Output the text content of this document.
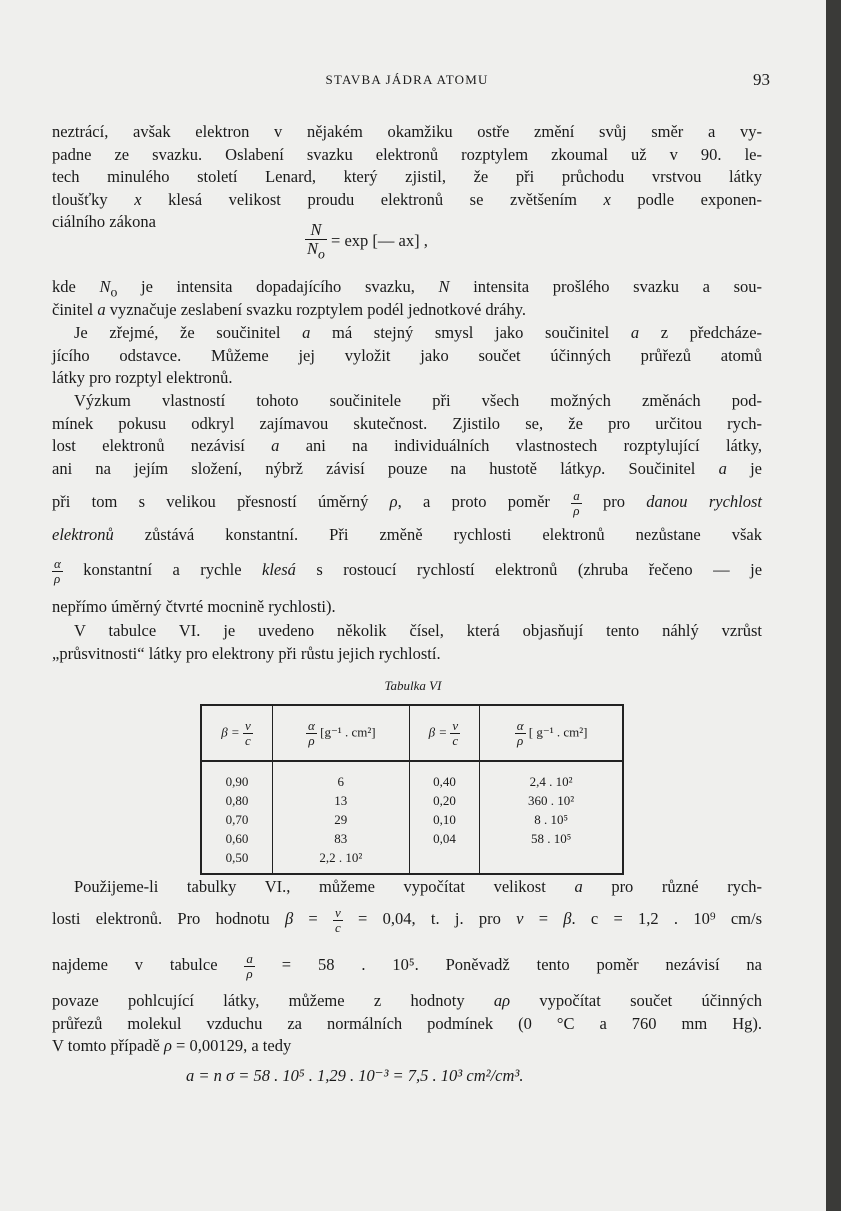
STAVBA JÁDRA ATOMU	93
neztrácí, avšak elektron v nějakém okamžiku ostře změní svůj směr a vy-
padne ze svazku. Oslabení svazku elektronů rozptylem zkoumal už v 90. le-
tech minulého století Lenard, který zjistil, že při průchodu vrstvou látky
tloušťky x klesá velikost proudu elektronů se zvětšením x podle exponen-
ciálního zákona	$\frac{N}{N_o} = \exp$ [— ax] ,
kde $N_o$ je intensita dopadajícího svazku, N intensita prošlého svazku a sou-
činitel a vyznačuje zeslabení svazku rozptylem podél jednotkové dráhy.
Je zřejmé, že součinitel a má stejný smysl jako součinitel a z předcháze-
jícího odstavce. Můžeme jej vyložit jako součet účinných průřezů atomů
látky pro rozptyl elektronů.
Výzkum vlastností tohoto součinitele při všech možných změnách pod-
mínek pokusu odkryl zajímavou skutečnost. Zjistilo se, že pro určitou rych-
lost elektronů nezávisí a ani na individuálních vlastnostech rozptylující látky,
ani na jejím složení, nýbrž závisí pouze na hustotě látkyρ. Součinitel a je
při tom s velikou přesností úměrný ρ, a proto poměr $\frac{a}{\rho}$ pro danou rychlost
elektronů zůstává konstantní. Při změně rychlosti elektronů nezůstane však
$\frac{\alpha}{\rho}$ konstantní a rychle klesá s rostoucí rychlostí elektronů (zhruba řečeno — je
nepřímo úměrný čtvrté mocnině rychlosti).
V tabulce VI. je uvedeno několik čísel, která objasňují tento náhlý vzrůst
„průsvitnosti“ látky pro elektrony při růstu jejich rychlostí.
Tabulka VI
$\beta = \frac{v}{c}$	$\frac{\alpha}{\rho} [g^{-1}$ . cm²]	$\beta = \frac{v}{c}$	$\frac{\alpha}{\rho}$ [ g⁻¹ . cm²]
0,90	6	0,40	2,4 . 10²
0,80	13	0,20	360 . 10²
0,70	29	0,10	8 . 10⁵
0,60	83	0,04	58 . 10⁵
0,50	2,2 . 10²		
Použijeme-li tabulky VI., můžeme vypočítat velikost a pro různé rych-
losti elektronů. Pro hodnotu $\beta = \frac{v}{c} = 0,04$, t. j. pro v = β. c = 1,2 . 10⁹ cm/s
najdeme v tabulce $\frac{a}{\rho} = 58$ . 10⁵. Poněvadž tento poměr nezávisí na
povaze pohlcující látky, můžeme z hodnoty aρ vypočítat součet účinných
průřezů molekul vzduchu za normálních podmínek (0 °C a 760 mm Hg).
V tomto případě ρ = 0,00129, a tedy
a = n σ = 58 . 10⁵ . 1,29 . 10⁻³ = 7,5 . 10³ cm²/cm³.
